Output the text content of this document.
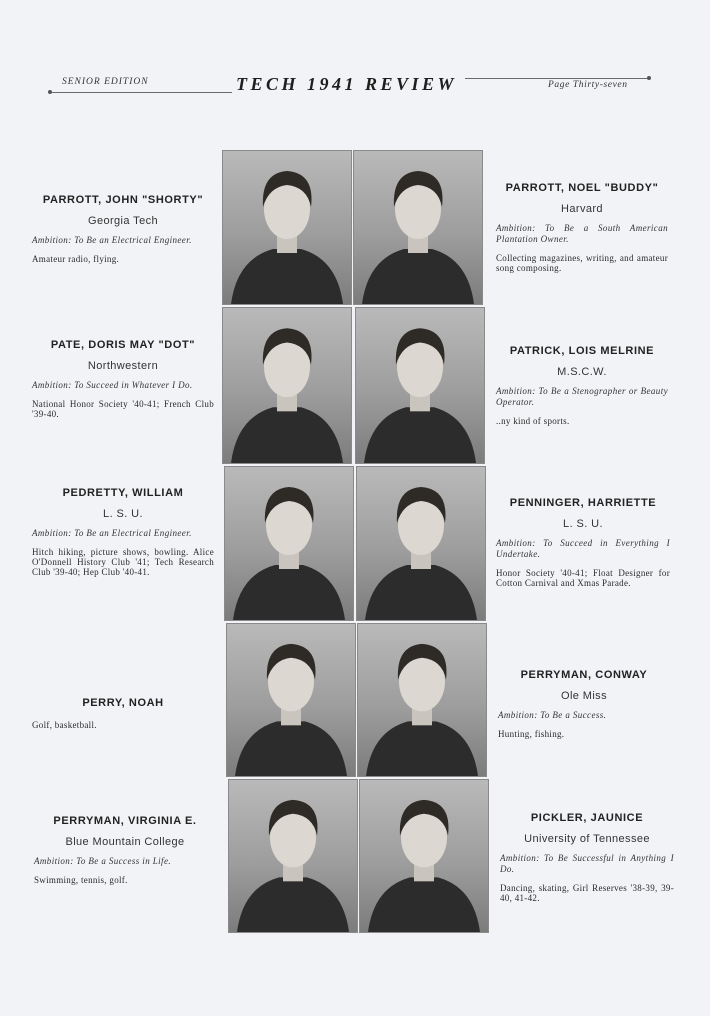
SENIOR EDITION	TECH 1941 REVIEW	Page Thirty-seven
PARROTT, JOHN "SHORTY"
Georgia Tech
Ambition: To Be an Electrical Engineer.
Amateur radio, flying.
PATE, DORIS MAY "DOT"
Northwestern
Ambition: To Succeed in Whatever I Do.
National Honor Society '40-41; French Club '39-40.
PEDRETTY, WILLIAM
L. S. U.
Ambition: To Be an Electrical Engineer.
Hitch hiking, picture shows, bowling. Alice O'Donnell History Club '41; Tech Research Club '39-40; Hep Club '40-41.
PERRY, NOAH
Golf, basketball.
PERRYMAN, VIRGINIA E.
Blue Mountain College
Ambition: To Be a Success in Life.
Swimming, tennis, golf.
PARROTT, NOEL "BUDDY"
Harvard
Ambition: To Be a South American Plantation Owner.
Collecting magazines, writing, and amateur song composing.
PATRICK, LOIS MELRINE
M.S.C.W.
Ambition: To Be a Stenographer or Beauty Operator.
..ny kind of sports.
PENNINGER, HARRIETTE
L. S. U.
Ambition: To Succeed in Everything I Undertake.
Honor Society '40-41; Float Designer for Cotton Carnival and Xmas Parade.
PERRYMAN, CONWAY
Ole Miss
Ambition: To Be a Success.
Hunting, fishing.
PICKLER, JAUNICE
University of Tennessee
Ambition: To Be Successful in Anything I Do.
Dancing, skating, Girl Reserves '38-39, 39-40, 41-42.
